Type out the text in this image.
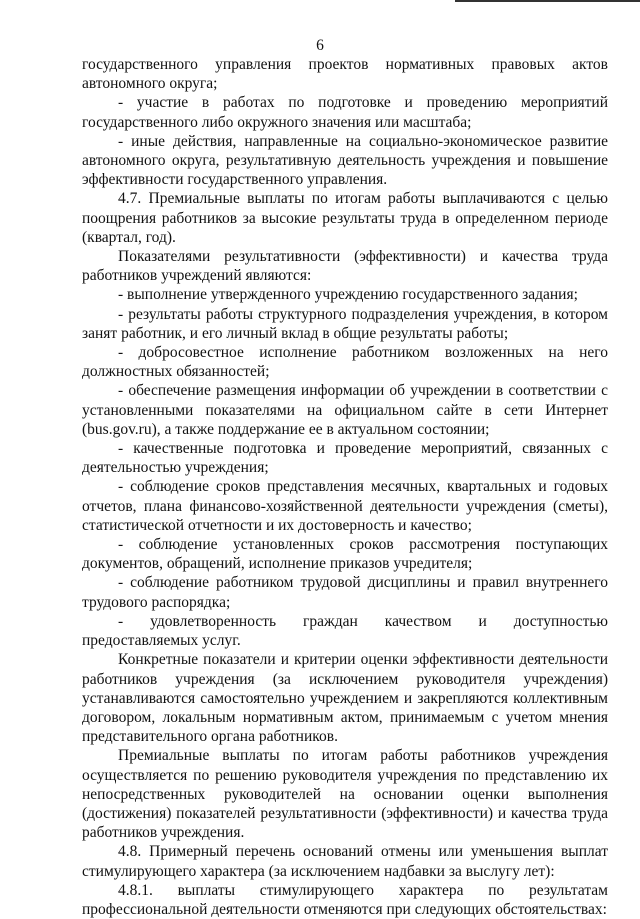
6

государственного управления проектов нормативных правовых актов автономного округа;

- участие в работах по подготовке и проведению мероприятий государственного либо окружного значения или масштаба;

- иные действия, направленные на социально-экономическое развитие автономного округа, результативную деятельность учреждения и повышение эффективности государственного управления.

4.7. Премиальные выплаты по итогам работы выплачиваются с целью поощрения работников за высокие результаты труда в определенном периоде (квартал, год).

Показателями результативности (эффективности) и качества труда работников учреждений являются:

- выполнение утвержденного учреждению государственного задания;

- результаты работы структурного подразделения учреждения, в котором занят работник, и его личный вклад в общие результаты работы;

- добросовестное исполнение работником возложенных на него должностных обязанностей;

- обеспечение размещения информации об учреждении в соответствии с установленными показателями на официальном сайте в сети Интернет (bus.gov.ru), а также поддержание ее в актуальном состоянии;

- качественные подготовка и проведение мероприятий, связанных с деятельностью учреждения;

- соблюдение сроков представления месячных, квартальных и годовых отчетов, плана финансово-хозяйственной деятельности учреждения (сметы), статистической отчетности и их достоверность и качество;

- соблюдение установленных сроков рассмотрения поступающих документов, обращений, исполнение приказов учредителя;

- соблюдение работником трудовой дисциплины и правил внутреннего трудового распорядка;

- удовлетворенность граждан качеством и доступностью предоставляемых услуг.

Конкретные показатели и критерии оценки эффективности деятельности работников учреждения (за исключением руководителя учреждения) устанавливаются самостоятельно учреждением и закрепляются коллективным договором, локальным нормативным актом, принимаемым с учетом мнения представительного органа работников.

Премиальные выплаты по итогам работы работников учреждения осуществляется по решению руководителя учреждения по представлению их непосредственных руководителей на основании оценки выполнения (достижения) показателей результативности (эффективности) и качества труда работников учреждения.

4.8. Примерный перечень оснований отмены или уменьшения выплат стимулирующего характера (за исключением надбавки за выслугу лет):

4.8.1. выплаты стимулирующего характера по результатам профессиональной деятельности отменяются при следующих обстоятельствах:
